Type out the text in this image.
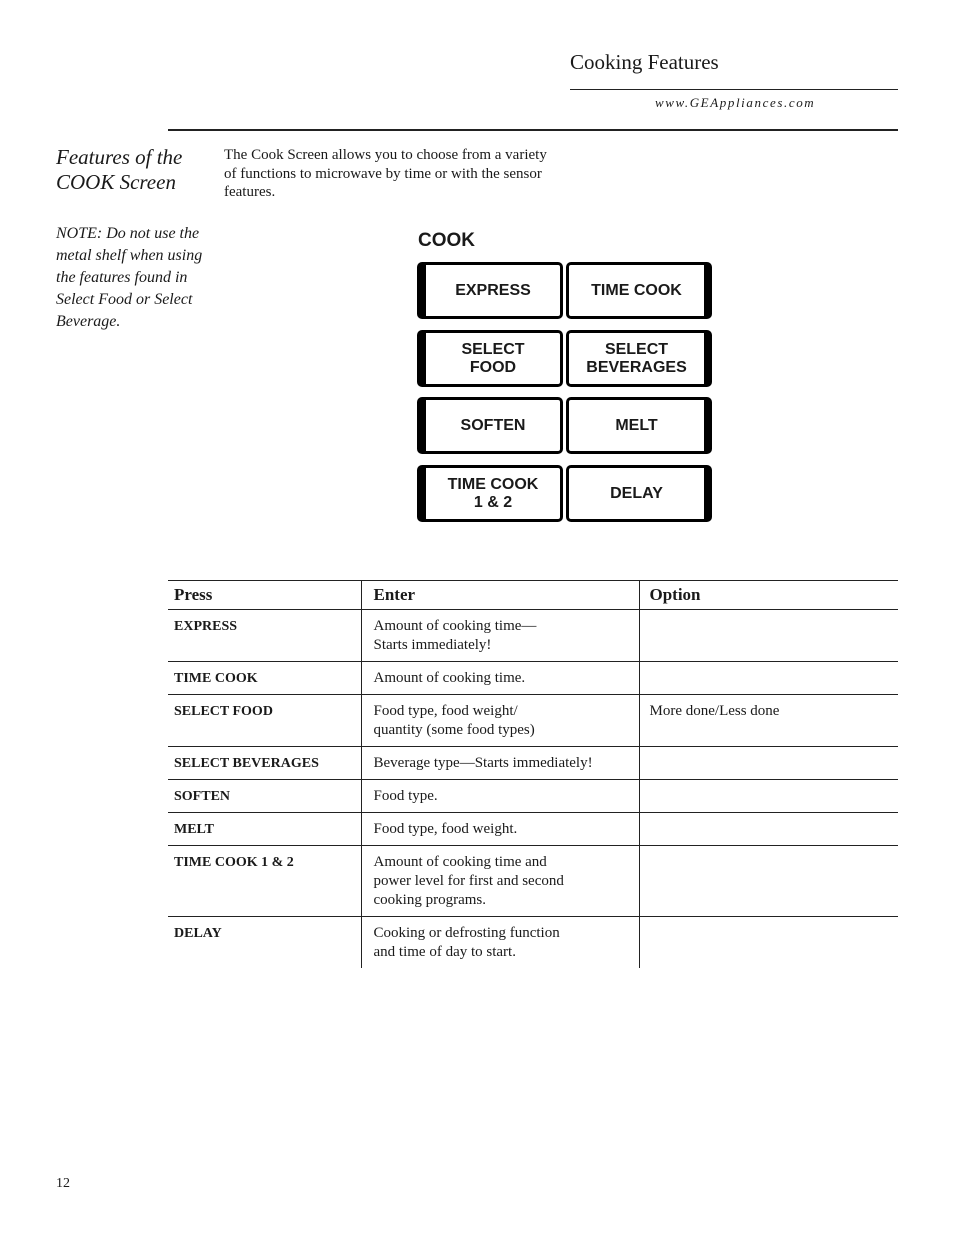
Cooking Features
www.GEAppliances.com
Features of the COOK Screen
NOTE: Do not use the metal shelf when using the features found in Select Food or Select Beverage.
The Cook Screen allows you to choose from a variety of functions to microwave by time or with the sensor features.
COOK
EXPRESS	TIME COOK
SELECT
FOOD
SELECT
BEVERAGES
SOFTEN	MELT
TIME COOK
1 & 2
DELAY
Press	Enter	Option
EXPRESS	Amount of cooking time—
Starts immediately!	
TIME COOK	Amount of cooking time.	
SELECT FOOD	Food type, food weight/
quantity (some food types)	More done/Less done
SELECT BEVERAGES	Beverage type—Starts immediately!	
SOFTEN	Food type.	
MELT	Food type, food weight.	
TIME COOK 1 & 2	Amount of cooking time and
power level for first and second
cooking programs.	
DELAY	Cooking or defrosting function
and time of day to start.	
12
